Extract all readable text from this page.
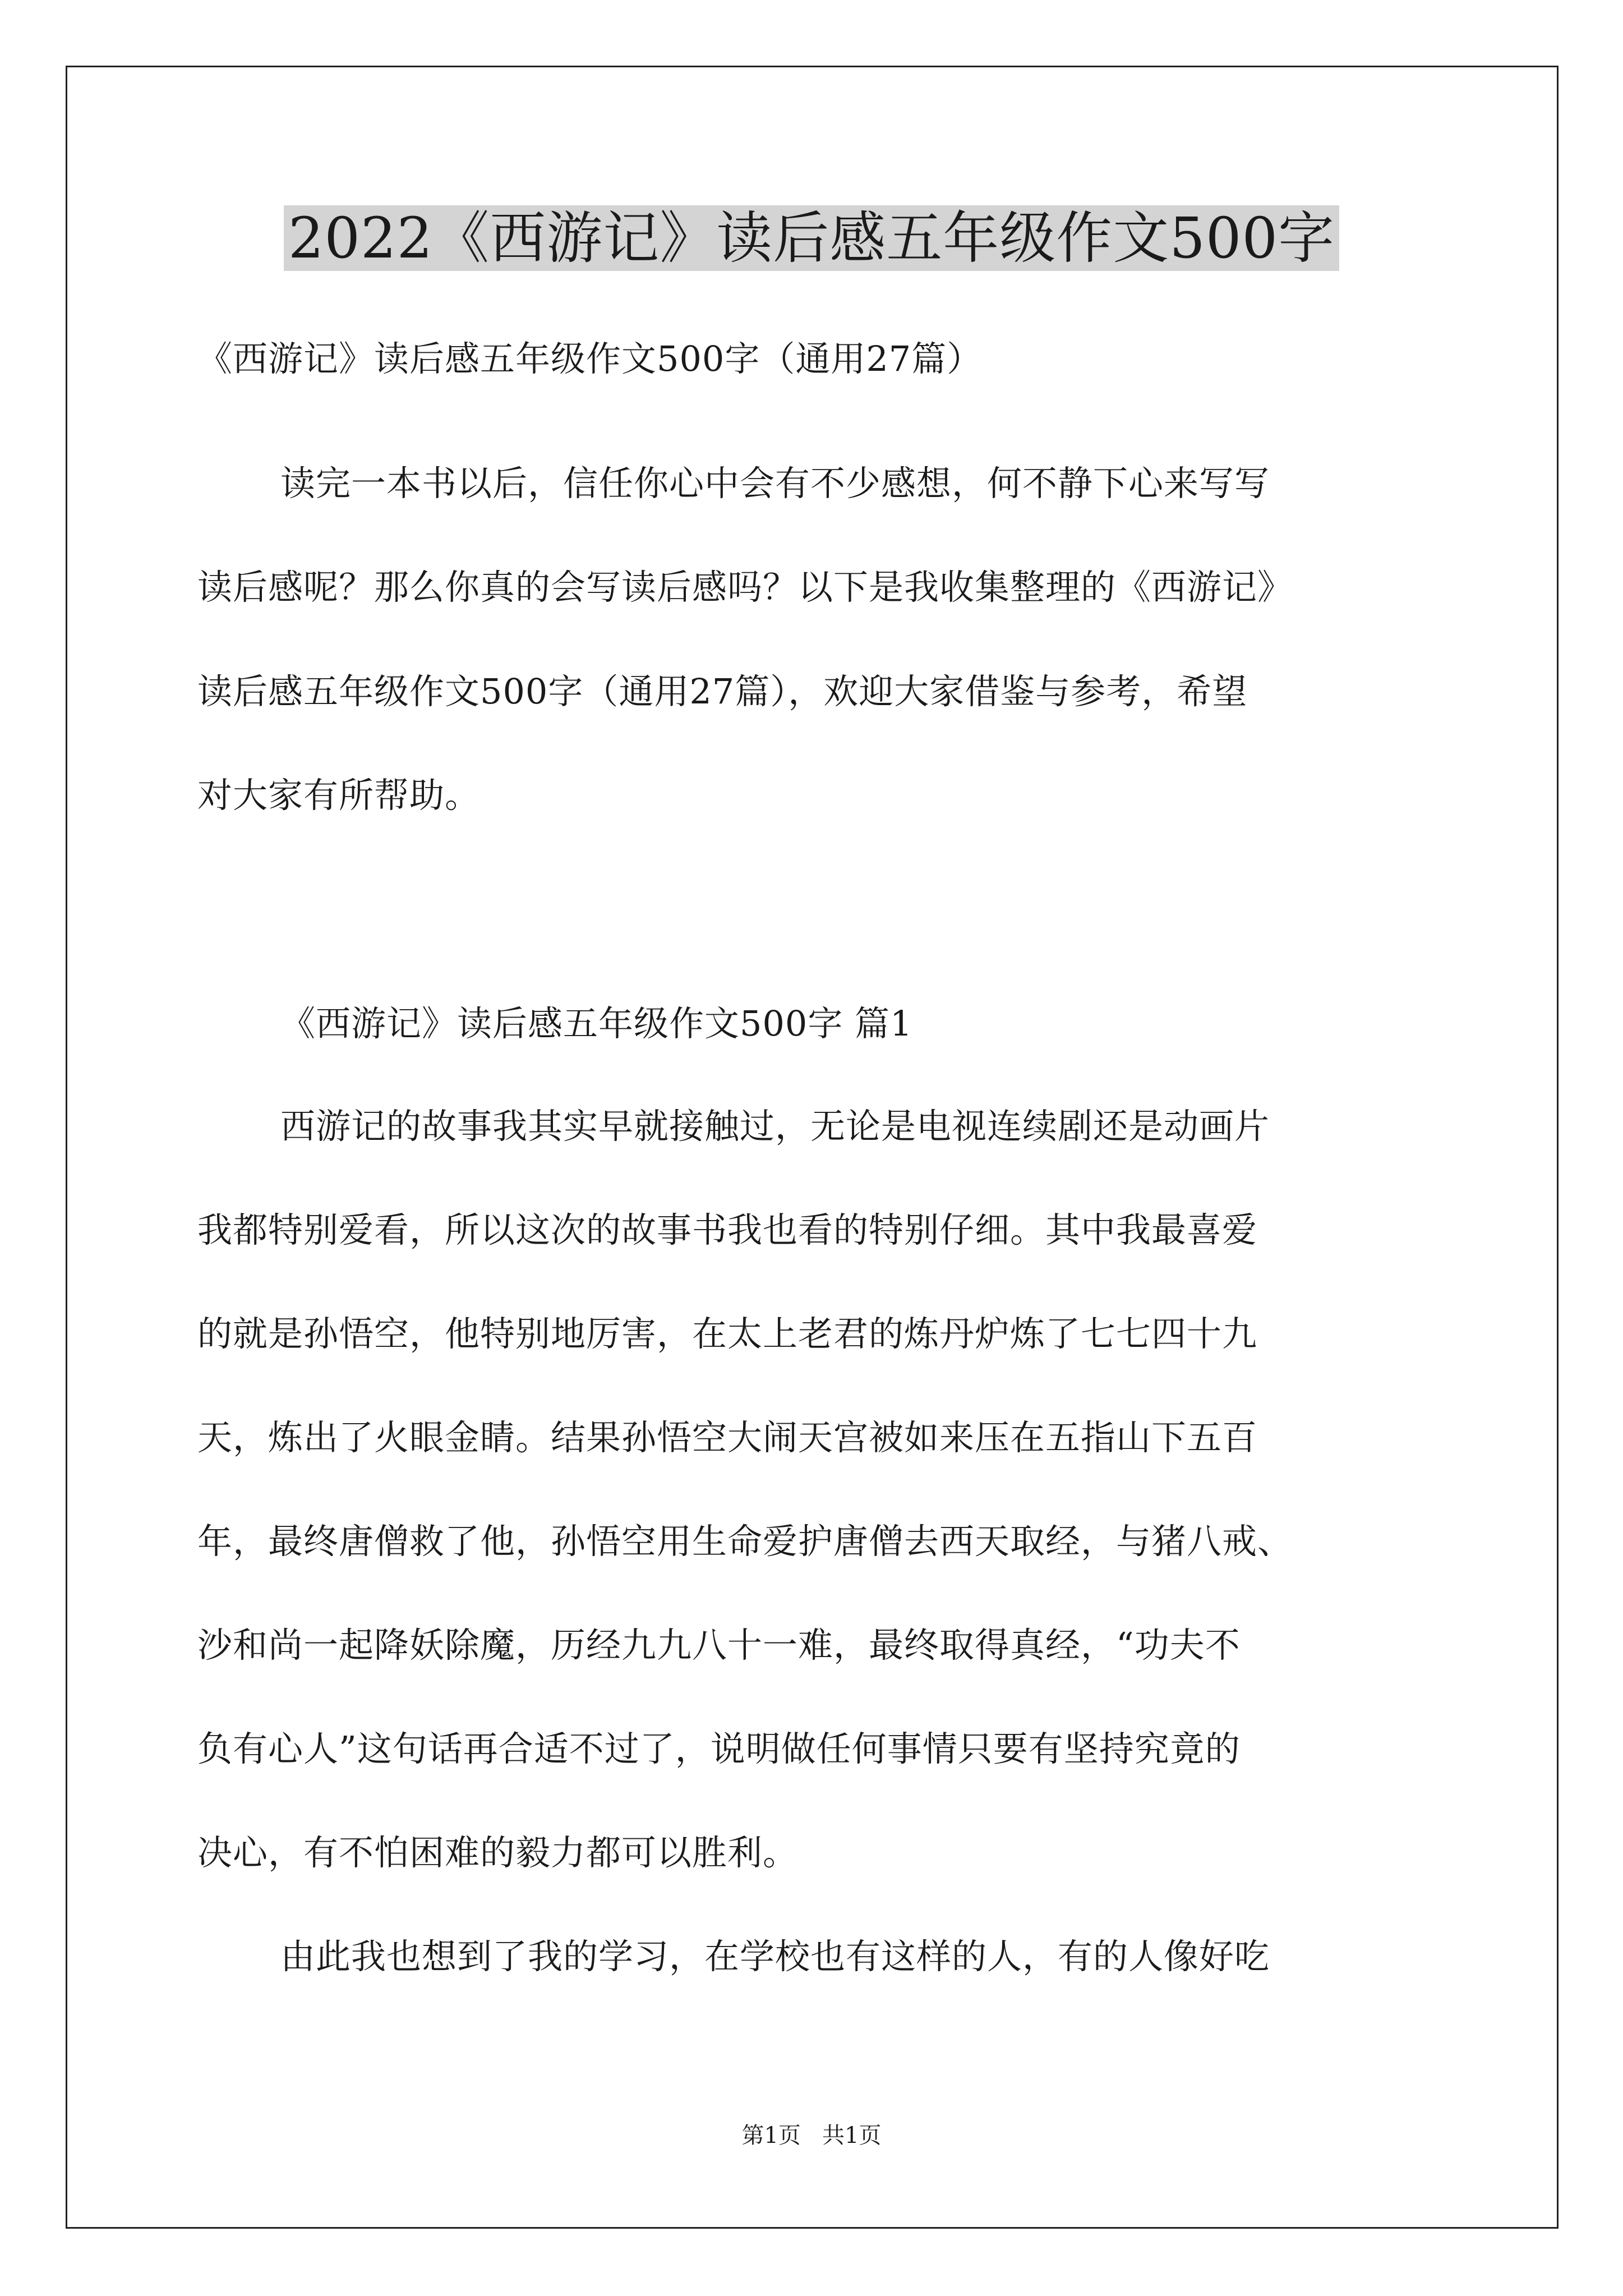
2022《西游记》读后感五年级作文500字
《西游记》读后感五年级作文500字（通用27篇）
读完一本书以后，信任你心中会有不少感想，何不静下心来写写
读后感呢？那么你真的会写读后感吗？以下是我收集整理的《西游记》
读后感五年级作文500字（通用27篇），欢迎大家借鉴与参考，希望
对大家有所帮助。
《西游记》读后感五年级作文500字 篇1
西游记的故事我其实早就接触过，无论是电视连续剧还是动画片
我都特别爱看，所以这次的故事书我也看的特别仔细。其中我最喜爱
的就是孙悟空，他特别地厉害，在太上老君的炼丹炉炼了七七四十九
天，炼出了火眼金睛。结果孙悟空大闹天宫被如来压在五指山下五百
年，最终唐僧救了他，孙悟空用生命爱护唐僧去西天取经，与猪八戒、
沙和尚一起降妖除魔，历经九九八十一难，最终取得真经，“功夫不
负有心人”这句话再合适不过了，说明做任何事情只要有坚持究竟的
决心，有不怕困难的毅力都可以胜利。
由此我也想到了我的学习，在学校也有这样的人，有的人像好吃
第1页   共1页
